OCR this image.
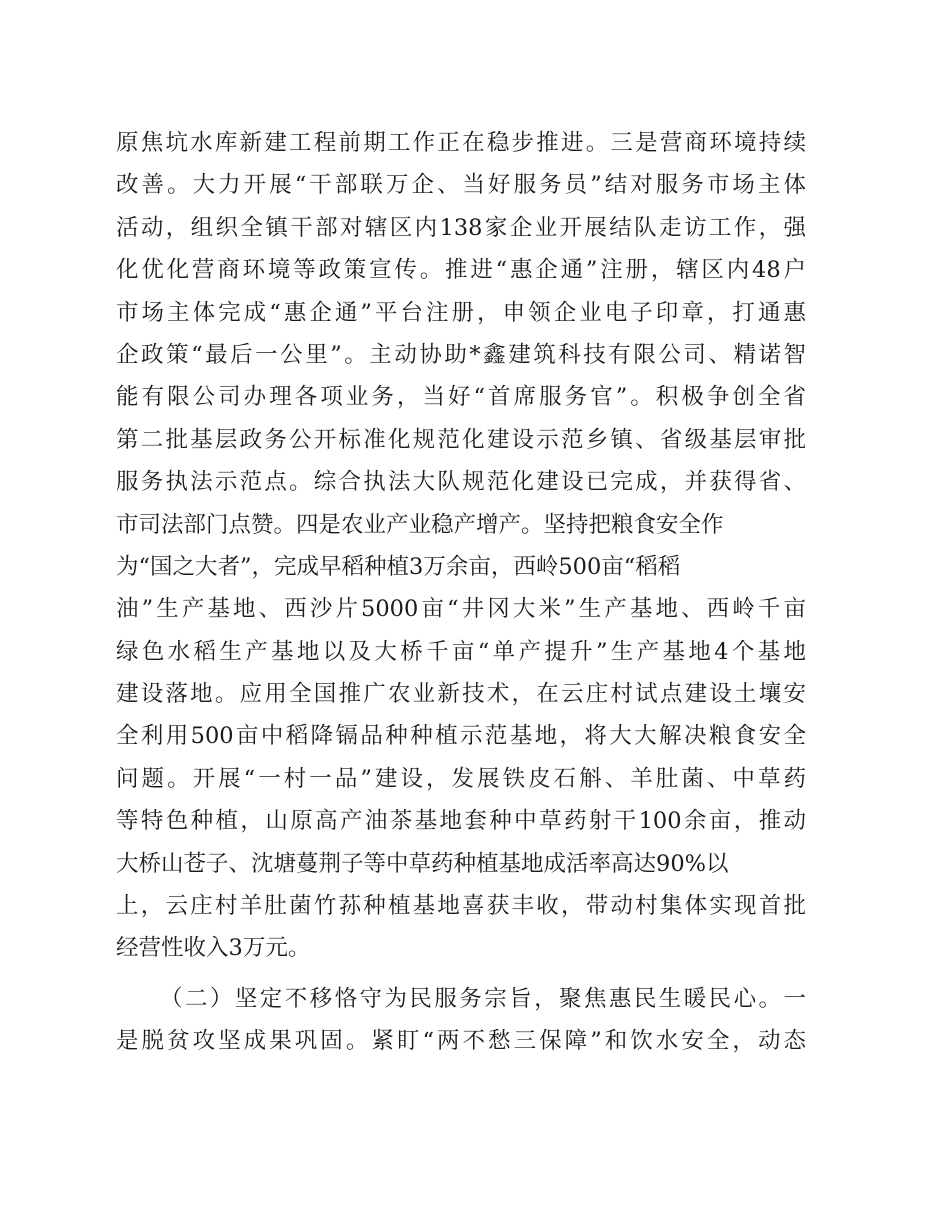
原焦坑水库新建工程前期工作正在稳步推进。三是营商环境持续
改善。大力开展“干部联万企、当好服务员”结对服务市场主体
活动，组织全镇干部对辖区内138家企业开展结队走访工作，强
化优化营商环境等政策宣传。推进“惠企通”注册，辖区内48户
市场主体完成“惠企通”平台注册，申领企业电子印章，打通惠
企政策“最后一公里”。主动协助*鑫建筑科技有限公司、精诺智
能有限公司办理各项业务，当好“首席服务官”。积极争创全省
第二批基层政务公开标准化规范化建设示范乡镇、省级基层审批
服务执法示范点。综合执法大队规范化建设已完成，并获得省、
市司法部门点赞。四是农业产业稳产增产。坚持把粮食安全作
为“国之大者”，完成早稻种植3万余亩，西岭500亩“稻稻
油”生产基地、西沙片5000亩“井冈大米”生产基地、西岭千亩
绿色水稻生产基地以及大桥千亩“单产提升”生产基地4个基地
建设落地。应用全国推广农业新技术，在云庄村试点建设土壤安
全利用500亩中稻降镉品种种植示范基地，将大大解决粮食安全
问题。开展“一村一品”建设，发展铁皮石斛、羊肚菌、中草药
等特色种植，山原高产油茶基地套种中草药射干100余亩，推动
大桥山苍子、沈塘蔓荆子等中草药种植基地成活率高达90%以
上，云庄村羊肚菌竹荪种植基地喜获丰收，带动村集体实现首批
经营性收入3万元。
（二）坚定不移恪守为民服务宗旨，聚焦惠民生暖民心。一
是脱贫攻坚成果巩固。紧盯“两不愁三保障”和饮水安全，动态
